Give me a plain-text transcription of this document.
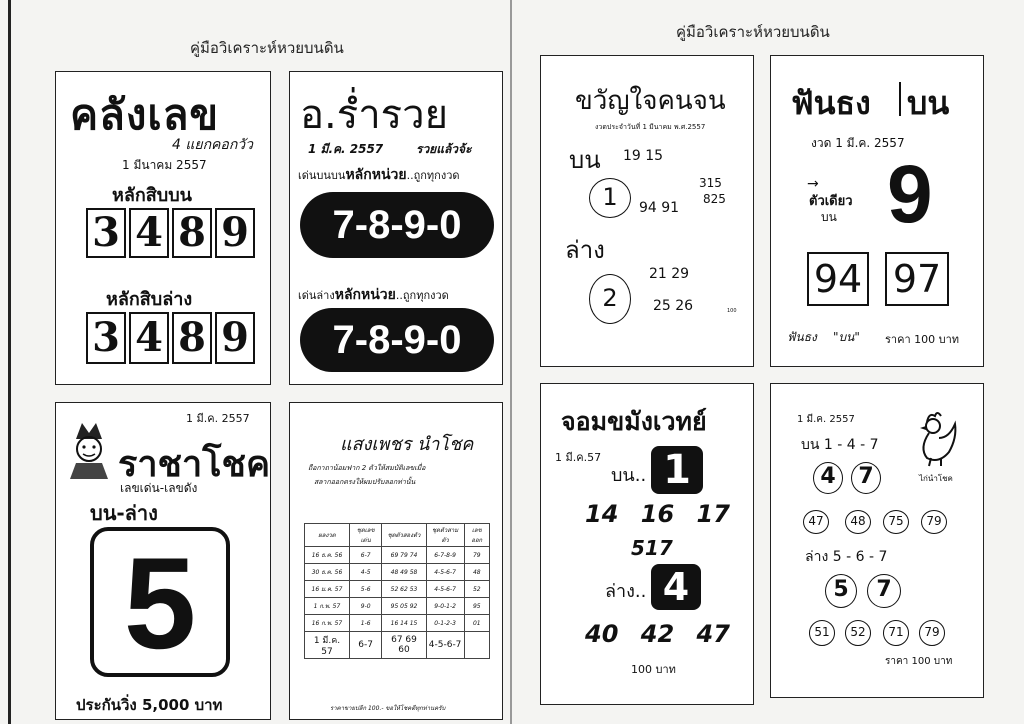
คู่มือวิเคราะห์หวยบนดิน
คู่มือวิเคราะห์หวยบนดิน
คลังเลข
4 แยกคอกวัว
1 มีนาคม 2557
หลักสิบบน
3 4 8 9
หลักสิบล่าง
3 4 8 9
อ.ร่ำรวย
1 มี.ค. 2557	รวยแล้วจ้ะ
เด่นบนบนหลักหน่วย..ถูกทุกงวด
7-8-9-0
เด่นล่างหลักหน่วย..ถูกทุกงวด
7-8-9-0
1 มี.ค. 2557
ราชาโชค
เลขเด่น-เลขดัง
บน-ล่าง
5
ประกันวิ่ง 5,000 บาท
แสงเพชร นำโชค
ถือกาถาน้อมฟาก 2 ตัวให้สมบัติเลขเมื่อ
สลากออกตรงให้ผมปรับลอกท่านั้น
ผลงวด	ชุดเลขเด่น	ชุดตัวสองตัว	ชุดตัวสามตัว	เลขออก
16 ธ.ค. 56	6-7	69 79 74	6-7-8-9	79
30 ธ.ค. 56	4-5	48 49 58	4-5-6-7	48
16 ม.ค. 57	5-6	52 62 53	4-5-6-7	52
1 ก.พ. 57	9-0	95 05 92	9-0-1-2	95
16 ก.พ. 57	1-6	16 14 15	0-1-2-3	01
1 มี.ค. 57	6-7	67 69 60	4-5-6-7	
ราคาขายปลีก 100.- ขอให้โชคดีทุกท่านครับ
ขวัญใจคนจน
งวดประจำวันที่ 1 มีนาคม พ.ศ.2557
บน 19 15
1	315
825
94 91
ล่าง
2
21 29
25 26	100
ฟันธง บน
งวด 1 มี.ค. 2557
→
ตัวเดียว
บน 9
94 97
ฟันธง "บน" ราคา 100 บาท
จอมขมังเวทย์
1 มี.ค.57
บน.. 1
14 16 17
517
ล่าง.. 4
40 42 47
100 บาท
1 มี.ค. 2557
บน 1 - 4 - 7
ไก่นำโชค
4	7
47	48	75	79
ล่าง 5 - 6 - 7
5	7
51	52	71	79
ราคา 100 บาท
